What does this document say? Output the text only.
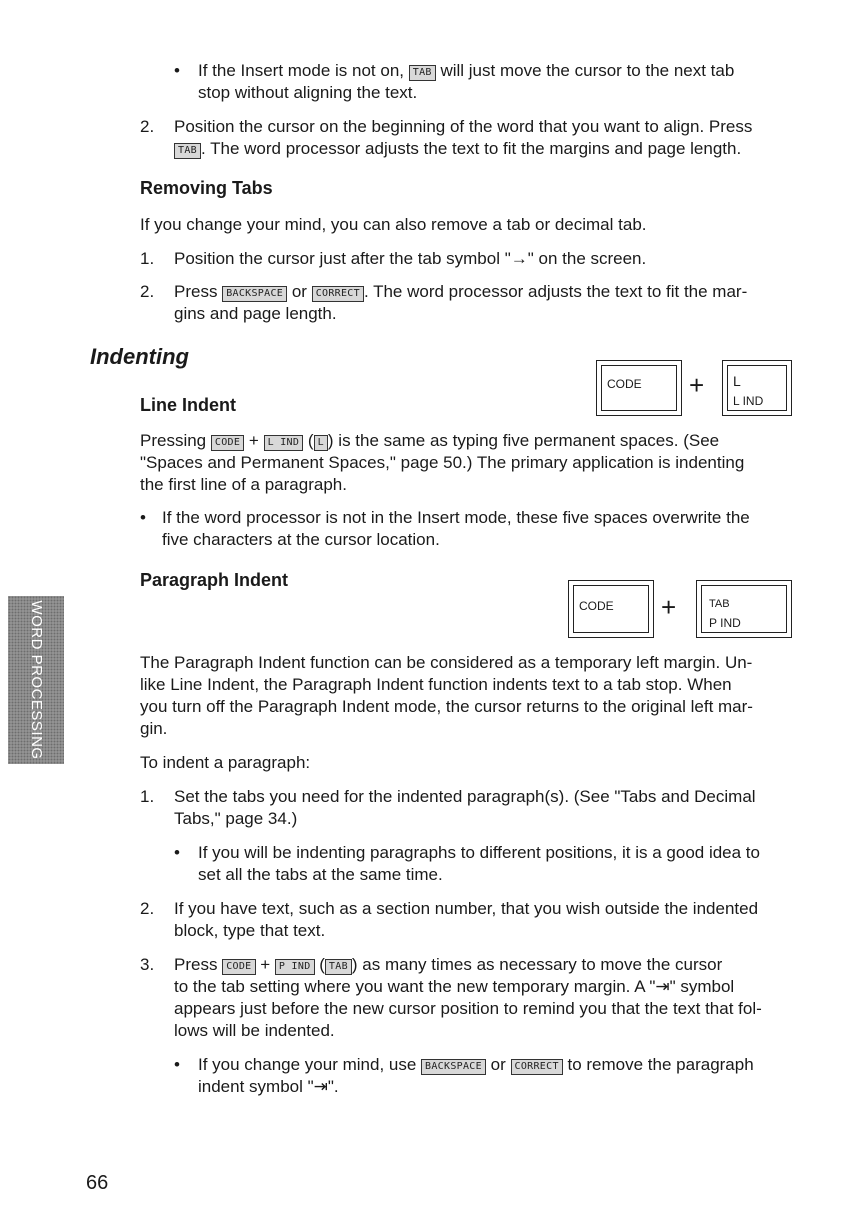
• If the Insert mode is not on, TAB will just move the cursor to the next tab
stop without aligning the text.
2. Position the cursor on the beginning of the word that you want to align. Press
TAB . The word processor adjusts the text to fit the margins and page length.
Removing Tabs
If you change your mind, you can also remove a tab or decimal tab.
1. Position the cursor just after the tab symbol "→" on the screen.
2. Press BACKSPACE or CORRECT . The word processor adjusts the text to fit the mar-
gins and page length.
Indenting
Line Indent
CODE + L
L IND
Pressing CODE + L IND ( L ) is the same as typing five permanent spaces. (See
"Spaces and Permanent Spaces," page 50.) The primary application is indenting
the first line of a paragraph.
• If the word processor is not in the Insert mode, these five spaces overwrite the
five characters at the cursor location.
Paragraph Indent
CODE +	TAB
P IND
The Paragraph Indent function can be considered as a temporary left margin. Un-
like Line Indent, the Paragraph Indent function indents text to a tab stop. When
you turn off the Paragraph Indent mode, the cursor returns to the original left mar-
gin.
To indent a paragraph:
1. Set the tabs you need for the indented paragraph(s). (See "Tabs and Decimal
Tabs," page 34.)
• If you will be indenting paragraphs to different positions, it is a good idea to
set all the tabs at the same time.
2. If you have text, such as a section number, that you wish outside the indented
block, type that text.
3. Press CODE + P IND ( TAB ) as many times as necessary to move the cursor
to the tab setting where you want the new temporary margin. A "⇥" symbol
appears just before the new cursor position to remind you that the text that fol-
lows will be indented.
• If you change your mind, use BACKSPACE or CORRECT to remove the paragraph
indent symbol "⇥".
WORD PROCESSING
66
